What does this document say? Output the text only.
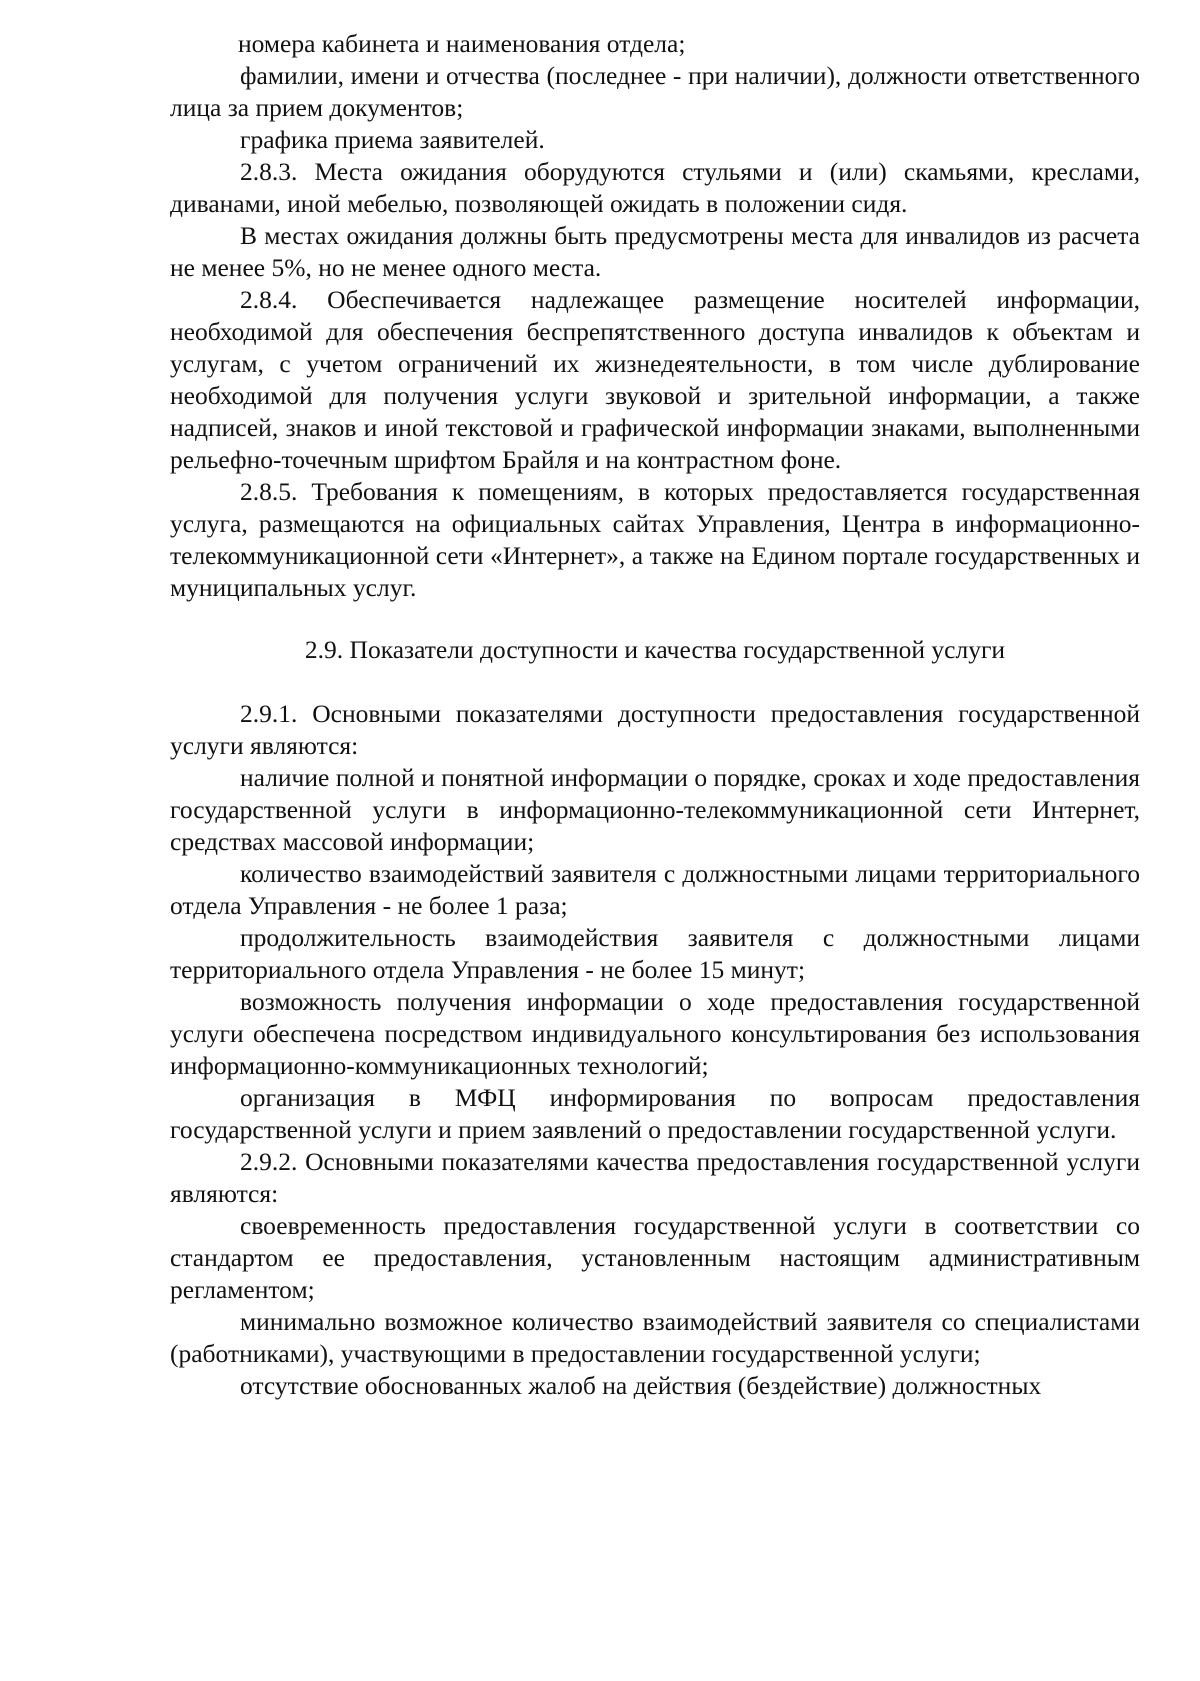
номера кабинета и наименования отдела;

фамилии, имени и отчества (последнее - при наличии), должности ответственного лица за прием документов;

графика приема заявителей.

2.8.3. Места ожидания оборудуются стульями и (или) скамьями, креслами, диванами, иной мебелью, позволяющей ожидать в положении сидя.

В местах ожидания должны быть предусмотрены места для инвалидов из расчета не менее 5%, но не менее одного места.

2.8.4. Обеспечивается надлежащее размещение носителей информации, необходимой для обеспечения беспрепятственного доступа инвалидов к объектам и услугам, с учетом ограничений их жизнедеятельности, в том числе дублирование необходимой для получения услуги звуковой и зрительной информации, а также надписей, знаков и иной текстовой и графической информации знаками, выполненными рельефно-точечным шрифтом Брайля и на контрастном фоне.

2.8.5. Требования к помещениям, в которых предоставляется государственная услуга, размещаются на официальных сайтах Управления, Центра в информационно-телекоммуникационной сети «Интернет», а также на Едином портале государственных и муниципальных услуг.

2.9. Показатели доступности и качества государственной услуги

2.9.1. Основными показателями доступности предоставления государственной услуги являются:

наличие полной и понятной информации о порядке, сроках и ходе предоставления государственной услуги в информационно-телекоммуникационной сети Интернет, средствах массовой информации;

количество взаимодействий заявителя с должностными лицами территориального отдела Управления - не более 1 раза;

продолжительность взаимодействия заявителя с должностными лицами территориального отдела Управления - не более 15 минут;

возможность получения информации о ходе предоставления государственной услуги обеспечена посредством индивидуального консультирования без использования информационно-коммуникационных технологий;

организация в МФЦ информирования по вопросам предоставления государственной услуги и прием заявлений о предоставлении государственной услуги.

2.9.2. Основными показателями качества предоставления государственной услуги являются:

своевременность предоставления государственной услуги в соответствии со стандартом ее предоставления, установленным настоящим административным регламентом;

минимально возможное количество взаимодействий заявителя со специалистами (работниками), участвующими в предоставлении государственной услуги;

отсутствие обоснованных жалоб на действия (бездействие) должностных
